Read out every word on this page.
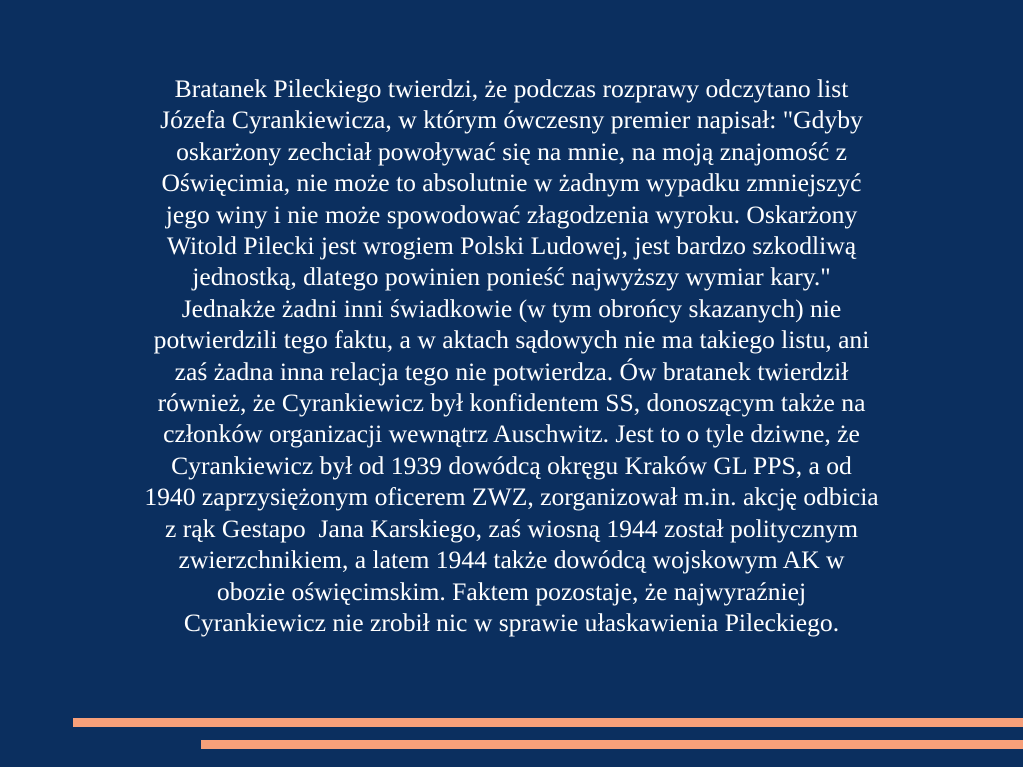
Bratanek Pileckiego twierdzi, że podczas rozprawy odczytano list
Józefa Cyrankiewicza, w którym ówczesny premier napisał: "Gdyby
oskarżony zechciał powoływać się na mnie, na moją znajomość z
Oświęcimia, nie może to absolutnie w żadnym wypadku zmniejszyć
jego winy i nie może spowodować złagodzenia wyroku. Oskarżony
Witold Pilecki jest wrogiem Polski Ludowej, jest bardzo szkodliwą
jednostką, dlatego powinien ponieść najwyższy wymiar kary."
Jednakże żadni inni świadkowie (w tym obrońcy skazanych) nie
potwierdzili tego faktu, a w aktach sądowych nie ma takiego listu, ani
zaś żadna inna relacja tego nie potwierdza. Ów bratanek twierdził
również, że Cyrankiewicz był konfidentem SS, donoszącym także na
członków organizacji wewnątrz Auschwitz. Jest to o tyle dziwne, że
Cyrankiewicz był od 1939 dowódcą okręgu Kraków GL PPS, a od
1940 zaprzysiężonym oficerem ZWZ, zorganizował m.in. akcję odbicia
z rąk Gestapo  Jana Karskiego, zaś wiosną 1944 został politycznym
zwierzchnikiem, a latem 1944 także dowódcą wojskowym AK w
obozie oświęcimskim. Faktem pozostaje, że najwyraźniej
Cyrankiewicz nie zrobił nic w sprawie ułaskawienia Pileckiego.
